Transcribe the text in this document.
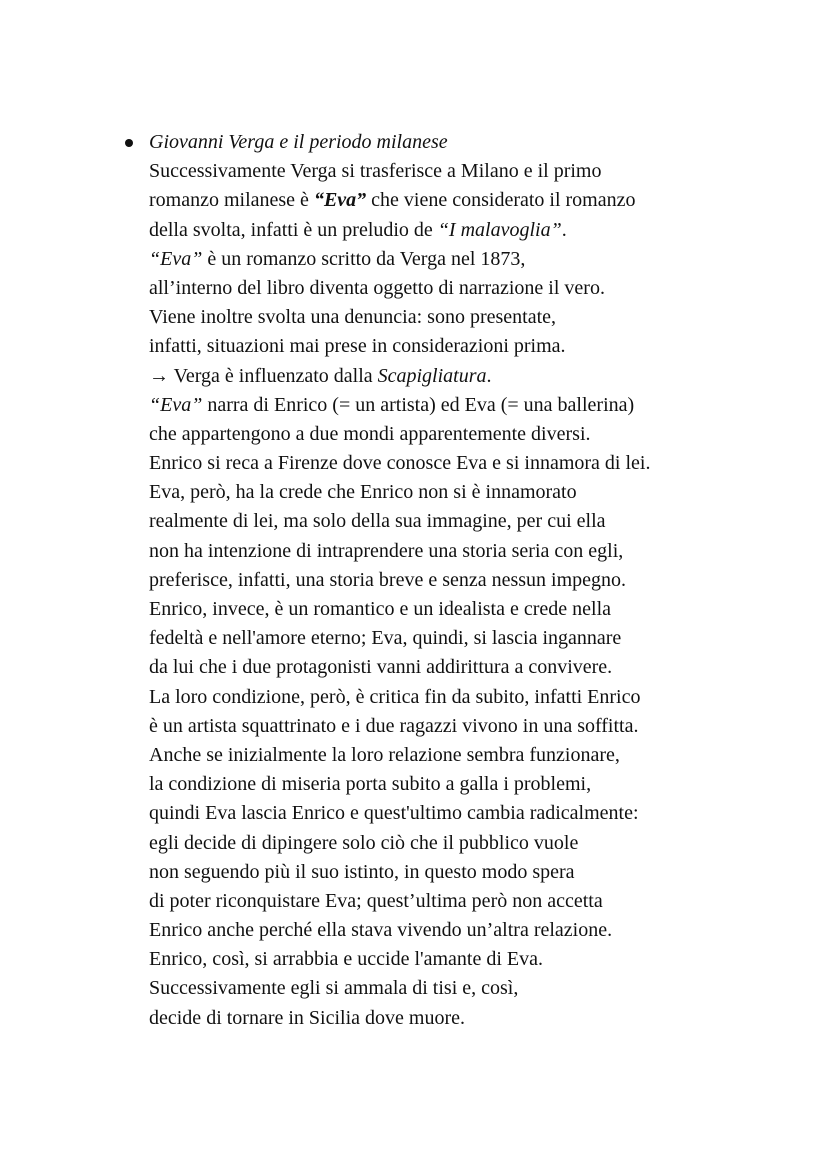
Giovanni Verga e il periodo milanese
Successivamente Verga si trasferisce a Milano e il primo
romanzo milanese è “Eva” che viene considerato il romanzo
della svolta, infatti è un preludio de “I malavoglia”.
“Eva” è un romanzo scritto da Verga nel 1873,
all’interno del libro diventa oggetto di narrazione il vero.
Viene inoltre svolta una denuncia: sono presentate,
infatti, situazioni mai prese in considerazioni prima.
→ Verga è influenzato dalla Scapigliatura.
“Eva” narra di Enrico (= un artista) ed Eva (= una ballerina)
che appartengono a due mondi apparentemente diversi.
Enrico si reca a Firenze dove conosce Eva e si innamora di lei.
Eva, però, ha la crede che Enrico non si è innamorato
realmente di lei, ma solo della sua immagine, per cui ella
non ha intenzione di intraprendere una storia seria con egli,
preferisce, infatti, una storia breve e senza nessun impegno.
Enrico, invece, è un romantico e un idealista e crede nella
fedeltà e nell'amore eterno; Eva, quindi, si lascia ingannare
da lui che i due protagonisti vanni addirittura a convivere.
La loro condizione, però, è critica fin da subito, infatti Enrico
è un artista squattrinato e i due ragazzi vivono in una soffitta.
Anche se inizialmente la loro relazione sembra funzionare,
la condizione di miseria porta subito a galla i problemi,
quindi Eva lascia Enrico e quest'ultimo cambia radicalmente:
egli decide di dipingere solo ciò che il pubblico vuole
non seguendo più il suo istinto, in questo modo spera
di poter riconquistare Eva; quest’ultima però non accetta
Enrico anche perché ella stava vivendo un’altra relazione.
Enrico, così, si arrabbia e uccide l'amante di Eva.
Successivamente egli si ammala di tisi e, così,
decide di tornare in Sicilia dove muore.
